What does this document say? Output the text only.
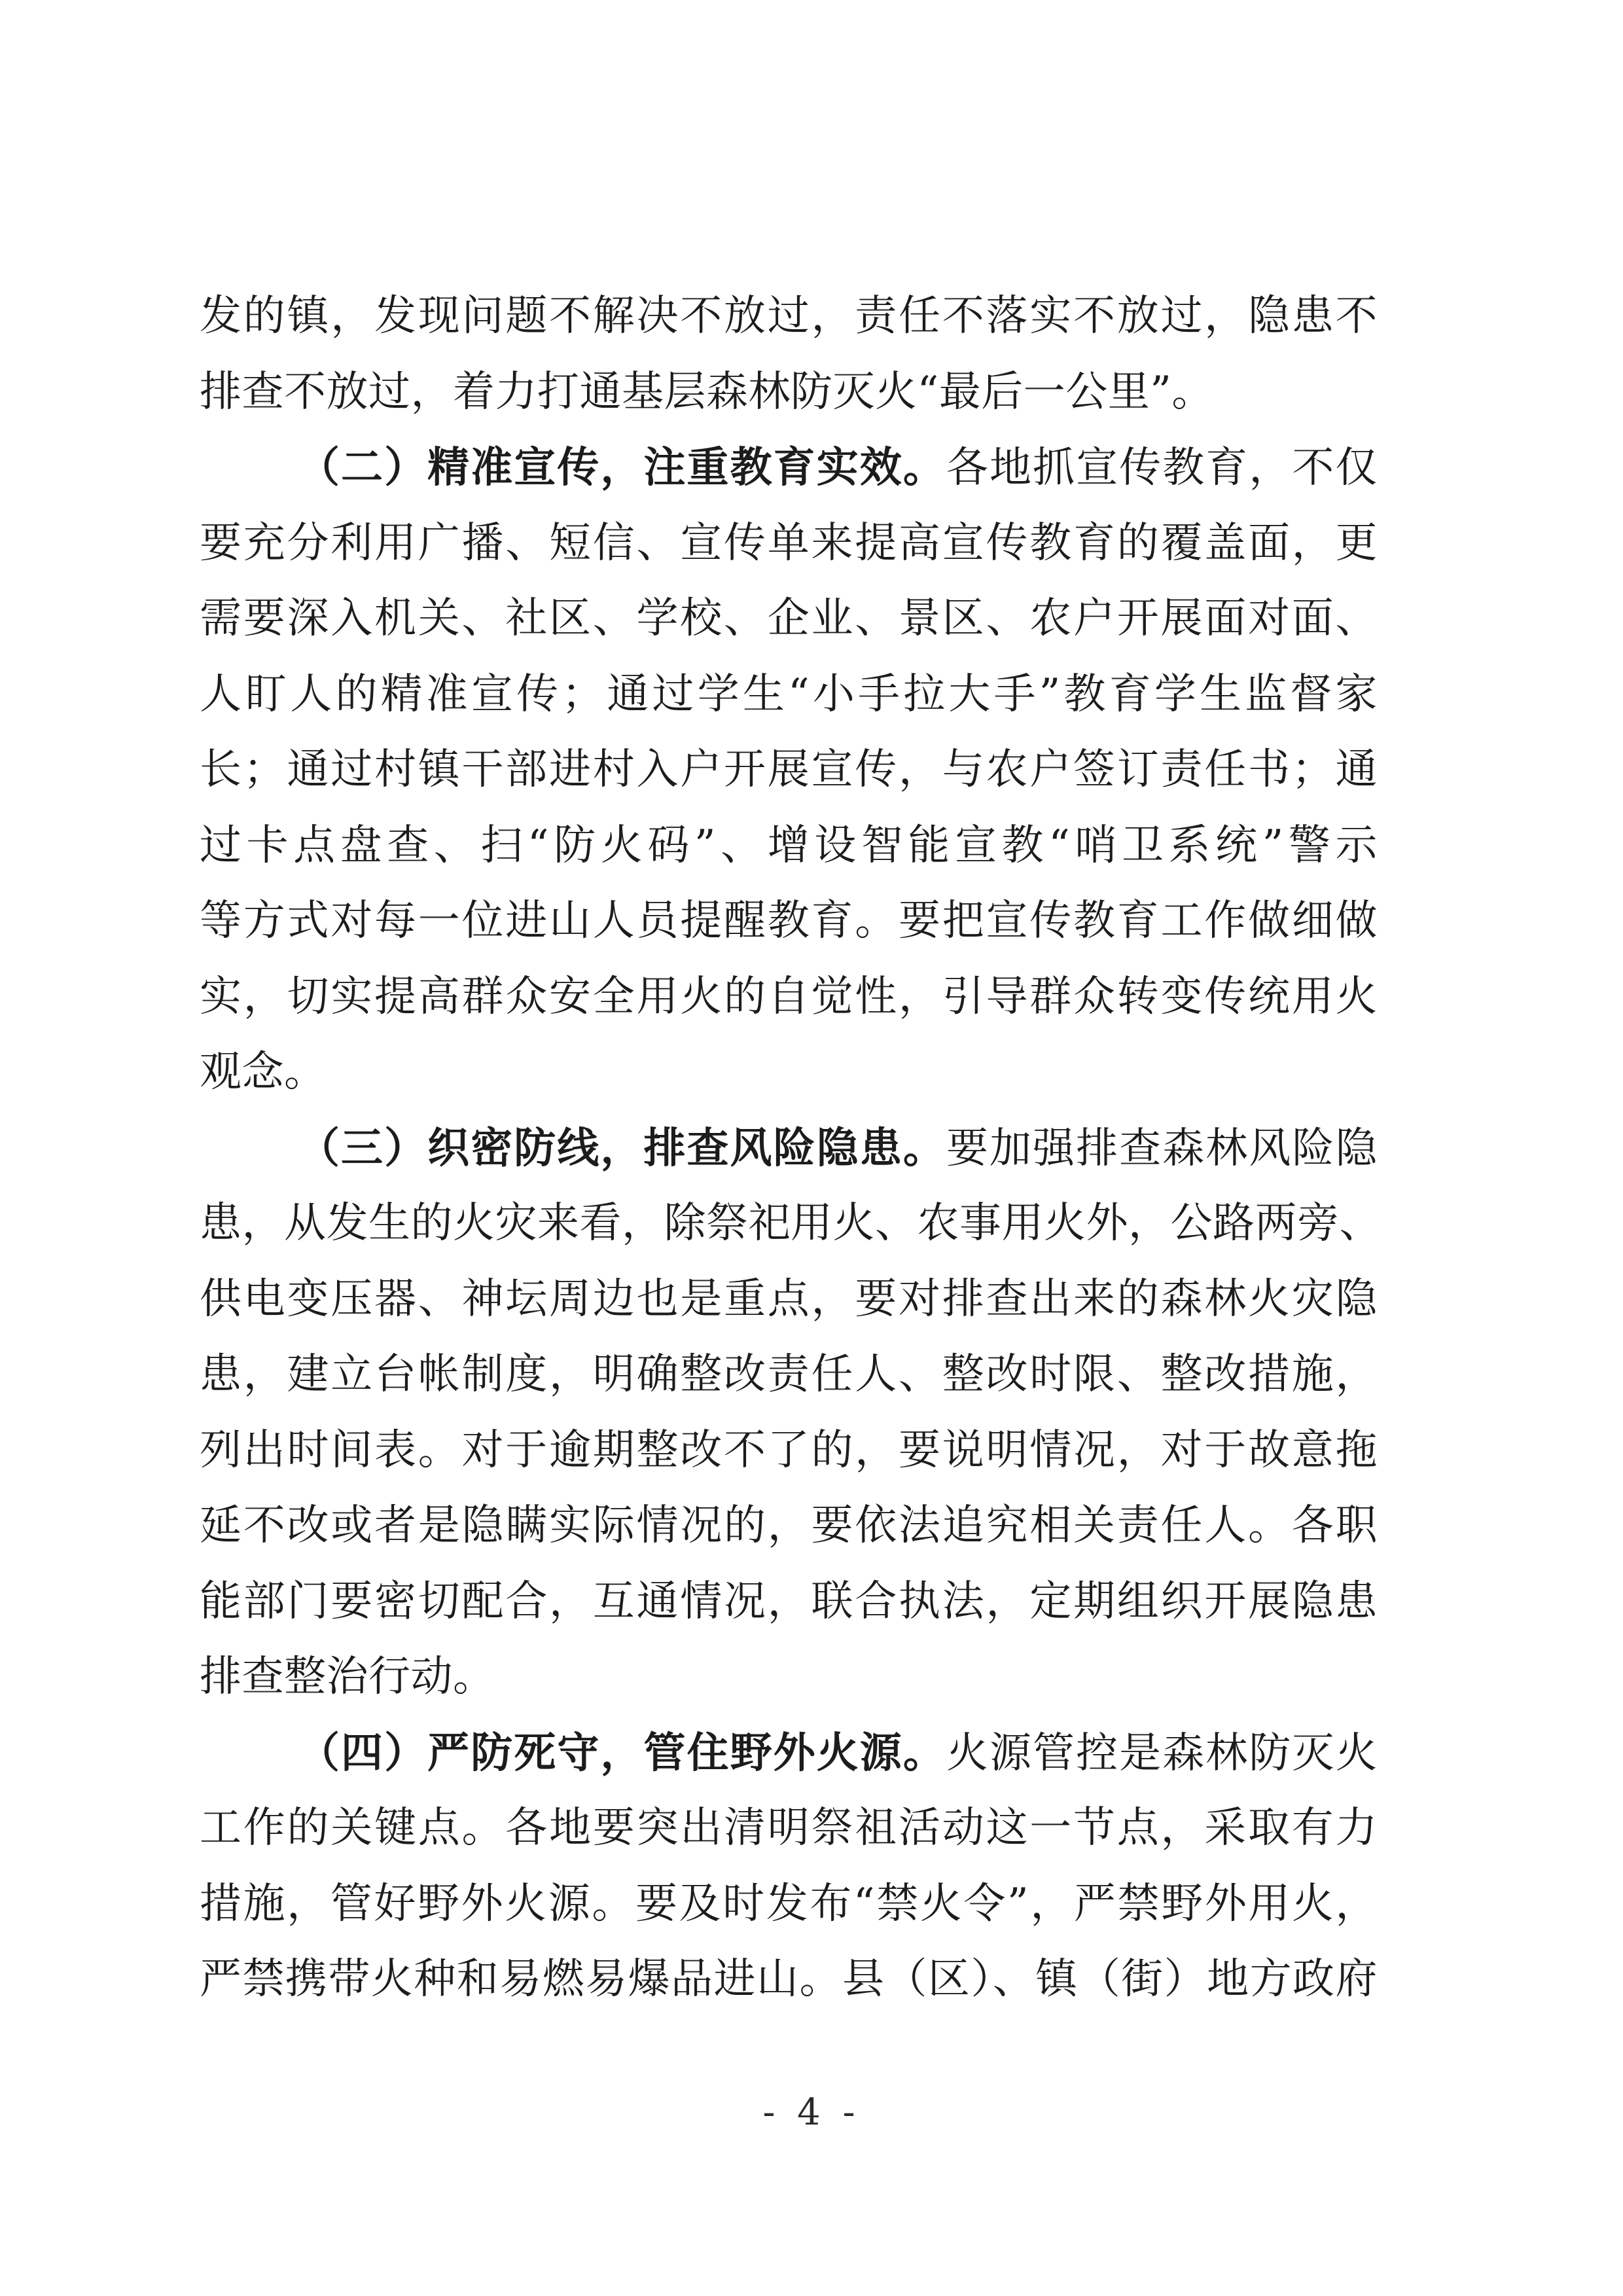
发的镇，发现问题不解决不放过，责任不落实不放过，隐患不
排查不放过，着力打通基层森林防灭火“最后一公里”。
（二）精准宣传，注重教育实效。各地抓宣传教育，不仅
要充分利用广播、短信、宣传单来提高宣传教育的覆盖面，更
需要深入机关、社区、学校、企业、景区、农户开展面对面、
人盯人的精准宣传；通过学生“小手拉大手”教育学生监督家
长；通过村镇干部进村入户开展宣传，与农户签订责任书；通
过卡点盘查、扫“防火码”、增设智能宣教“哨卫系统”警示
等方式对每一位进山人员提醒教育。要把宣传教育工作做细做
实，切实提高群众安全用火的自觉性，引导群众转变传统用火
观念。
（三）织密防线，排查风险隐患。要加强排查森林风险隐
患，从发生的火灾来看，除祭祀用火、农事用火外，公路两旁、
供电变压器、神坛周边也是重点，要对排查出来的森林火灾隐
患，建立台帐制度，明确整改责任人、整改时限、整改措施，
列出时间表。对于逾期整改不了的，要说明情况，对于故意拖
延不改或者是隐瞒实际情况的，要依法追究相关责任人。各职
能部门要密切配合，互通情况，联合执法，定期组织开展隐患
排查整治行动。
（四）严防死守，管住野外火源。火源管控是森林防灭火
工作的关键点。各地要突出清明祭祖活动这一节点，采取有力
措施，管好野外火源。要及时发布“禁火令”，严禁野外用火，
严禁携带火种和易燃易爆品进山。县（区）、镇（街）地方政府
- 4 -
